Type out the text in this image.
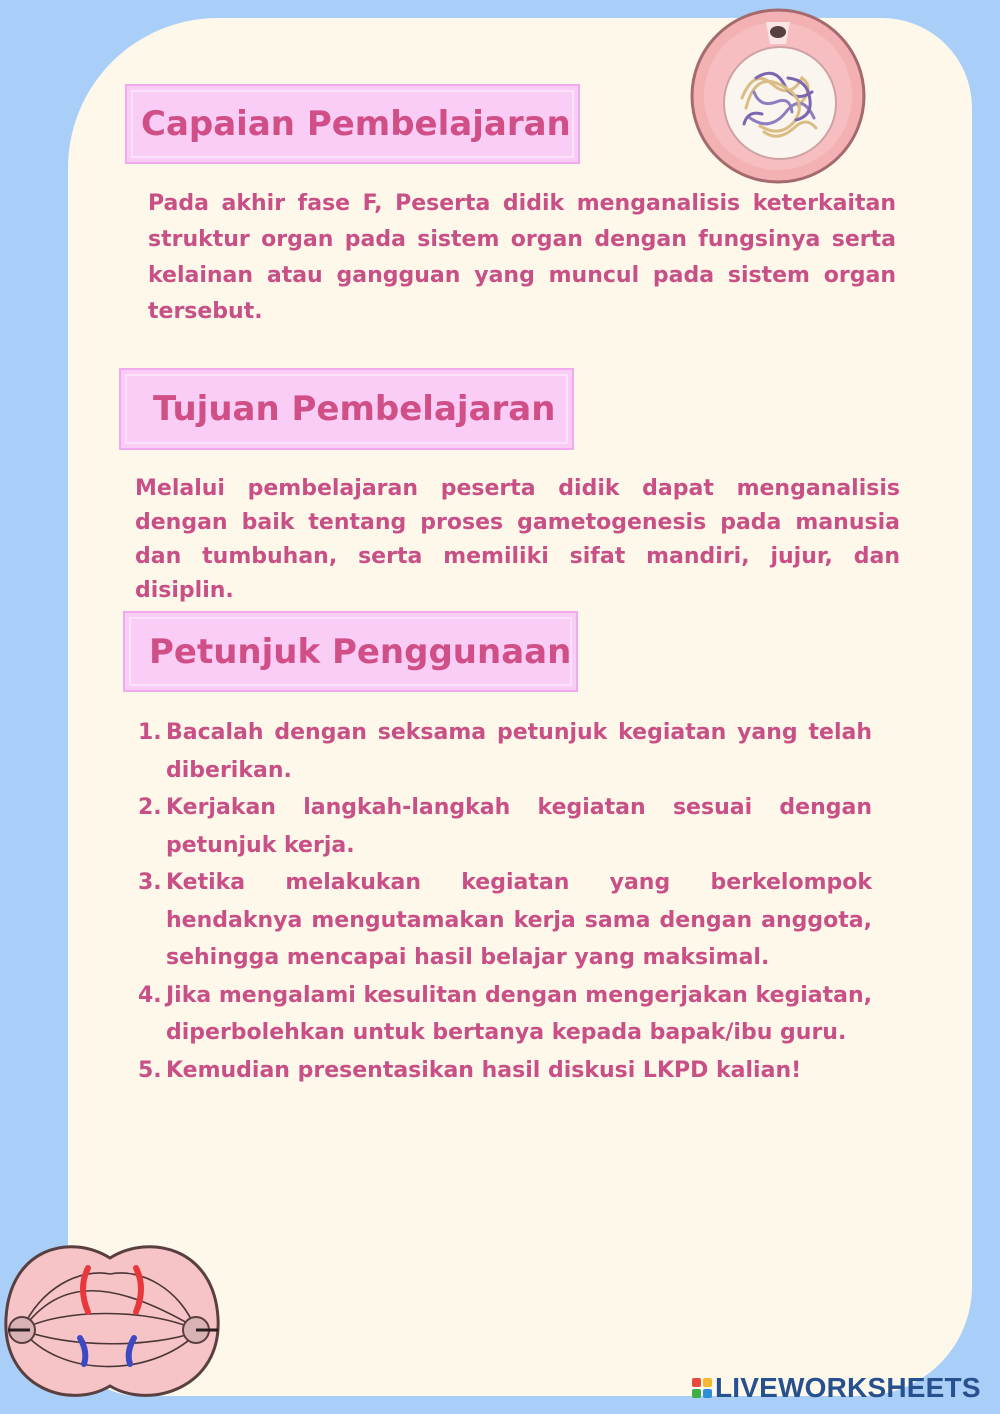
Capaian Pembelajaran
Pada akhir fase F, Peserta didik menganalisis keterkaitan struktur organ pada sistem organ dengan fungsinya serta kelainan atau gangguan yang muncul pada sistem organ tersebut.
Tujuan Pembelajaran
Melalui pembelajaran peserta didik dapat menganalisis dengan baik tentang proses gametogenesis pada manusia dan tumbuhan, serta memiliki sifat mandiri, jujur, dan disiplin.
Petunjuk Penggunaan
1. Bacalah dengan seksama petunjuk kegiatan yang telah diberikan.
2. Kerjakan langkah-langkah kegiatan sesuai dengan petunjuk kerja.
3. Ketika melakukan kegiatan yang berkelompok hendaknya mengutamakan kerja sama dengan anggota, sehingga mencapai hasil belajar yang maksimal.
4. Jika mengalami kesulitan dengan mengerjakan kegiatan, diperbolehkan untuk bertanya kepada bapak/ibu guru.
5. Kemudian presentasikan hasil diskusi LKPD kalian!
LIVEWORKSHEETS
